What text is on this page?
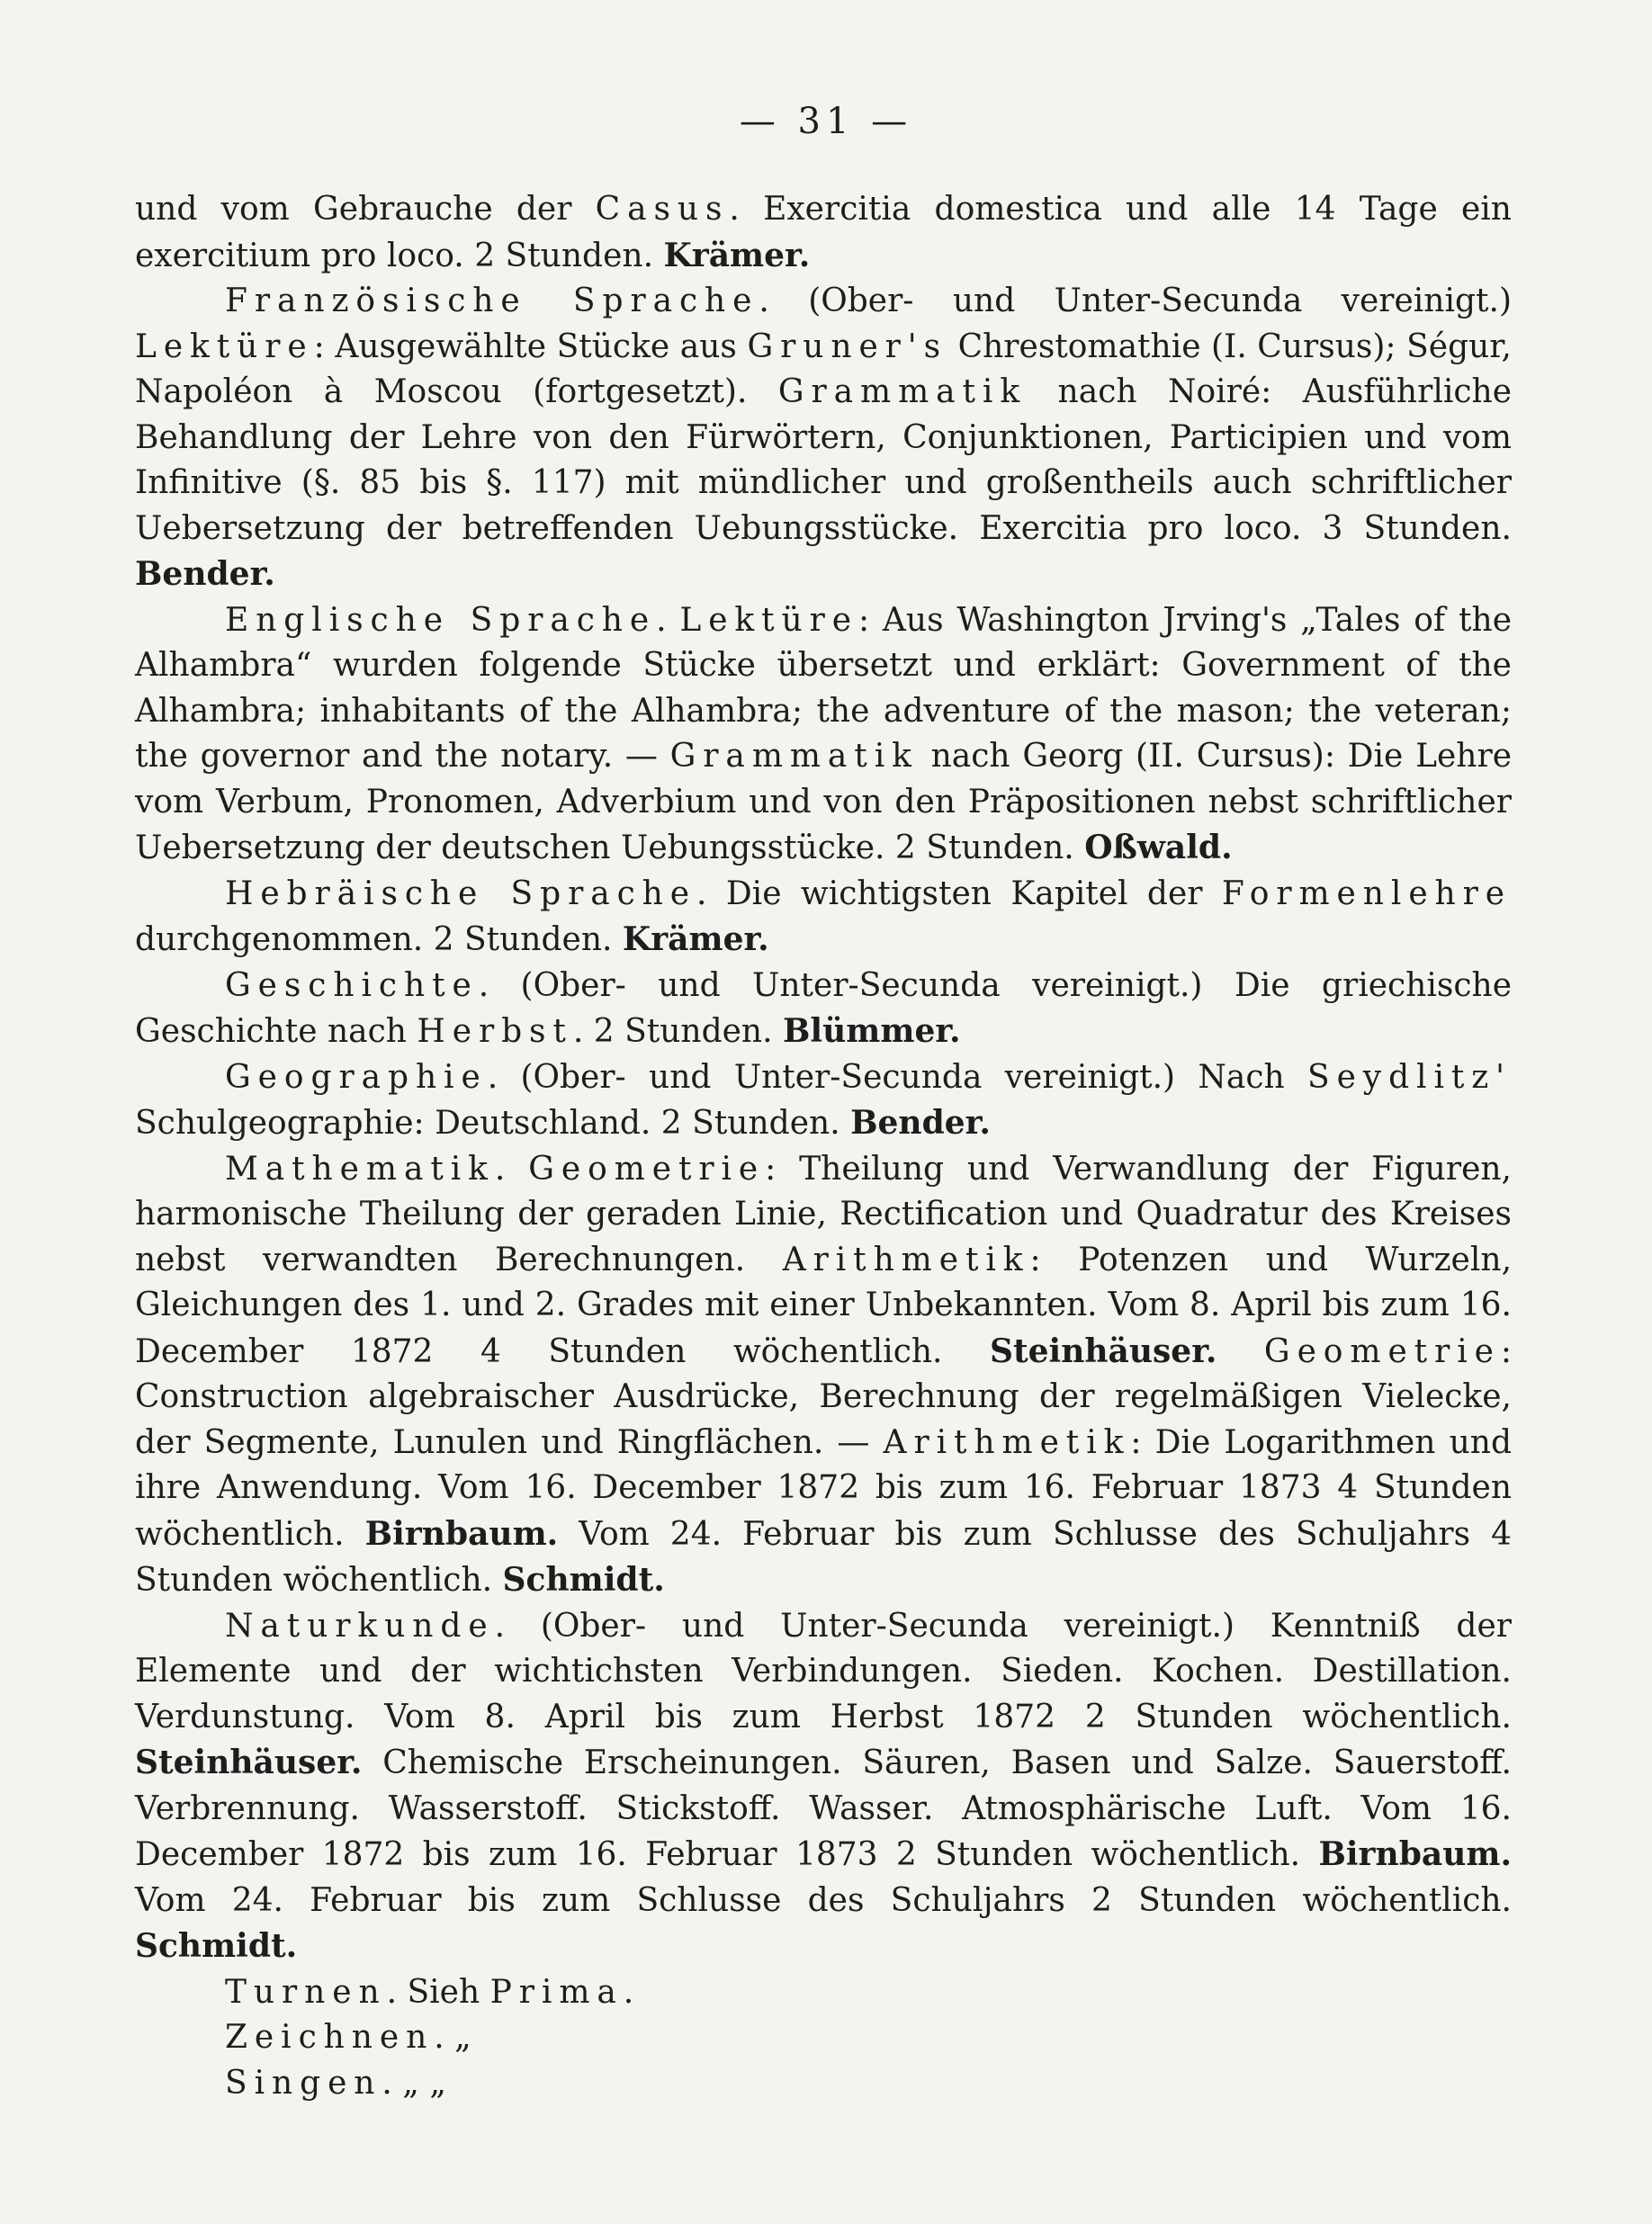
— 31 —

und vom Gebrauche der Casus. Exercitia domestica und alle 14 Tage ein exercitium pro loco. 2 Stunden. Krämer.

Französische Sprache. (Ober- und Unter-Secunda vereinigt.) Lektüre: Ausgewählte Stücke aus Gruner's Chrestomathie (I. Cursus); Ségur, Napoléon à Moscou (fortgesetzt). Grammatik nach Noiré: Ausführliche Behandlung der Lehre von den Fürwörtern, Conjunktionen, Participien und vom Infinitive (§. 85 bis §. 117) mit mündlicher und großentheils auch schriftlicher Uebersetzung der betreffenden Uebungsstücke. Exercitia pro loco. 3 Stunden. Bender.

Englische Sprache. Lektüre: Aus Washington Jrving's „Tales of the Alhambra“ wurden folgende Stücke übersetzt und erklärt: Government of the Alhambra; inhabitants of the Alhambra; the adventure of the mason; the veteran; the governor and the notary. — Grammatik nach Georg (II. Cursus): Die Lehre vom Verbum, Pronomen, Adverbium und von den Präpositionen nebst schriftlicher Uebersetzung der deutschen Uebungsstücke. 2 Stunden. Oßwald.

Hebräische Sprache. Die wichtigsten Kapitel der Formenlehre durchgenommen. 2 Stunden. Krämer.

Geschichte. (Ober- und Unter-Secunda vereinigt.) Die griechische Geschichte nach Herbst. 2 Stunden. Blümmer.

Geographie. (Ober- und Unter-Secunda vereinigt.) Nach Seydlitz' Schulgeographie: Deutschland. 2 Stunden. Bender.

Mathematik. Geometrie: Theilung und Verwandlung der Figuren, harmonische Theilung der geraden Linie, Rectification und Quadratur des Kreises nebst verwandten Berechnungen. Arithmetik: Potenzen und Wurzeln, Gleichungen des 1. und 2. Grades mit einer Unbekannten. Vom 8. April bis zum 16. December 1872 4 Stunden wöchentlich. Steinhäuser. Geometrie: Construction algebraischer Ausdrücke, Berechnung der regelmäßigen Vielecke, der Segmente, Lunulen und Ringflächen. — Arithmetik: Die Logarithmen und ihre Anwendung. Vom 16. December 1872 bis zum 16. Februar 1873 4 Stunden wöchentlich. Birnbaum. Vom 24. Februar bis zum Schlusse des Schuljahrs 4 Stunden wöchentlich. Schmidt.

Naturkunde. (Ober- und Unter-Secunda vereinigt.) Kenntniß der Elemente und der wichtichsten Verbindungen. Sieden. Kochen. Destillation. Verdunstung. Vom 8. April bis zum Herbst 1872 2 Stunden wöchentlich. Steinhäuser. Chemische Erscheinungen. Säuren, Basen und Salze. Sauerstoff. Verbrennung. Wasserstoff. Stickstoff. Wasser. Atmosphärische Luft. Vom 16. December 1872 bis zum 16. Februar 1873 2 Stunden wöchentlich. Birnbaum. Vom 24. Februar bis zum Schlusse des Schuljahrs 2 Stunden wöchentlich. Schmidt.

Turnen. Sieh Prima.

Zeichnen. „

Singen. „ „
